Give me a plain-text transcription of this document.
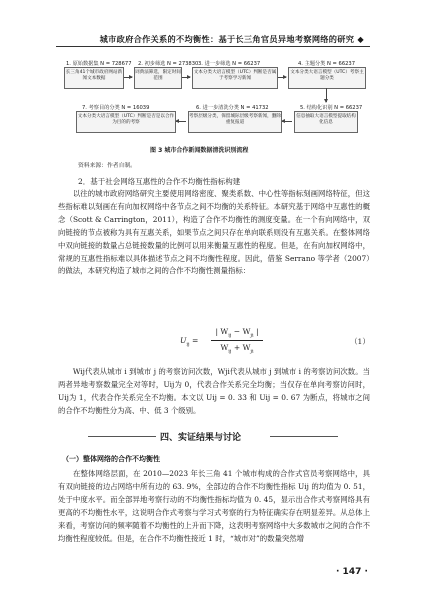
城市政府合作关系的不均衡性：基于长三角官员异地考察网络的研究 ◆
1. 原始数据集 N = 728677
长三角41个城市政府网站新闻文本数据
2. 初步筛选 N = 273830
词典法筛选，限定时间范围
3. 进一步筛选 N = 66237
文本分类大语言模型（UTC）判断是否属于考察学习新闻
4. 主题分类 N = 66237
文本分类大语言模型（UTC）考察主题分类
5. 结构化识别 N = 66237
信息抽取大语言模型提取结构化信息
6. 进一步清洗分类 N = 41732
考察层级分类，保留城际层级考察新闻，删除重复报道
7. 考察目的分类 N = 16039
文本分类大语言模型（UTC）判断是否是以合作为目的的考察
图 3 城市合作新闻数据清洗识别流程
资料来源：作者自制。
2．基于社会网络互惠性的合作不均衡性指标构建
　　以往的城市政府网络研究主要使用网络密度、聚类系数、中心性等指标刻画网络特征，但这些指标难以刻画在有向加权网络中各节点之间不均衡的关系特征。本研究基于网络中互惠性的概念（Scott & Carrington，2011），构造了合作不均衡性的测度变量。在一个有向网络中，双向链接的节点被称为具有互惠关系，如果节点之间只存在单向联系则没有互惠关系。在整体网络中双向链接的数量占总链接数量的比例可以用来衡量互惠性的程度。但是，在有向加权网络中，常规的互惠性指标难以具体描述节点之间不均衡性程度。因此，借鉴 Serrano 等学者（2007）的做法，本研究构造了城市之间的合作不均衡性测量指标：
$U_{ij}$ =
| $W_{ij} - W_{ji}$ |
$W_{ij} + W_{ji}$
（1）
　　Wij代表从城市 i 到城市 j 的考察访问次数，Wji代表从城市 j 到城市 i 的考察访问次数。当两者异地考察数量完全对等时，Uij为 0，代表合作关系完全均衡；当仅存在单向考察访问时，Uij为 1，代表合作关系完全不均衡。本文以 Uij = 0. 33 和 Uij = 0. 67 为断点，将城市之间的合作不均衡性分为高、中、低 3 个级别。
四、实证结果与讨论
（一）整体网络的合作不均衡性
　　在整体网络层面，在 2010—2023 年长三角 41 个城市构成的合作式官员考察网络中，具有双向链接的边占网络中所有边的 63. 9%，全部边的合作不均衡性指标 Uij 的均值为 0. 51，处于中度水平。而全部异地考察行动的不均衡性指标均值为 0. 45，显示出合作式考察网络具有更高的不均衡性水平，这说明合作式考察与学习式考察的行为特征确实存在明显差异。从总体上来看，考察访问的频率随着不均衡性的上升而下降，这表明考察网络中大多数城市之间的合作不均衡性程度较低。但是，在合作不均衡性接近 1 时，“城市对”的数量突然增
· 147 ·
